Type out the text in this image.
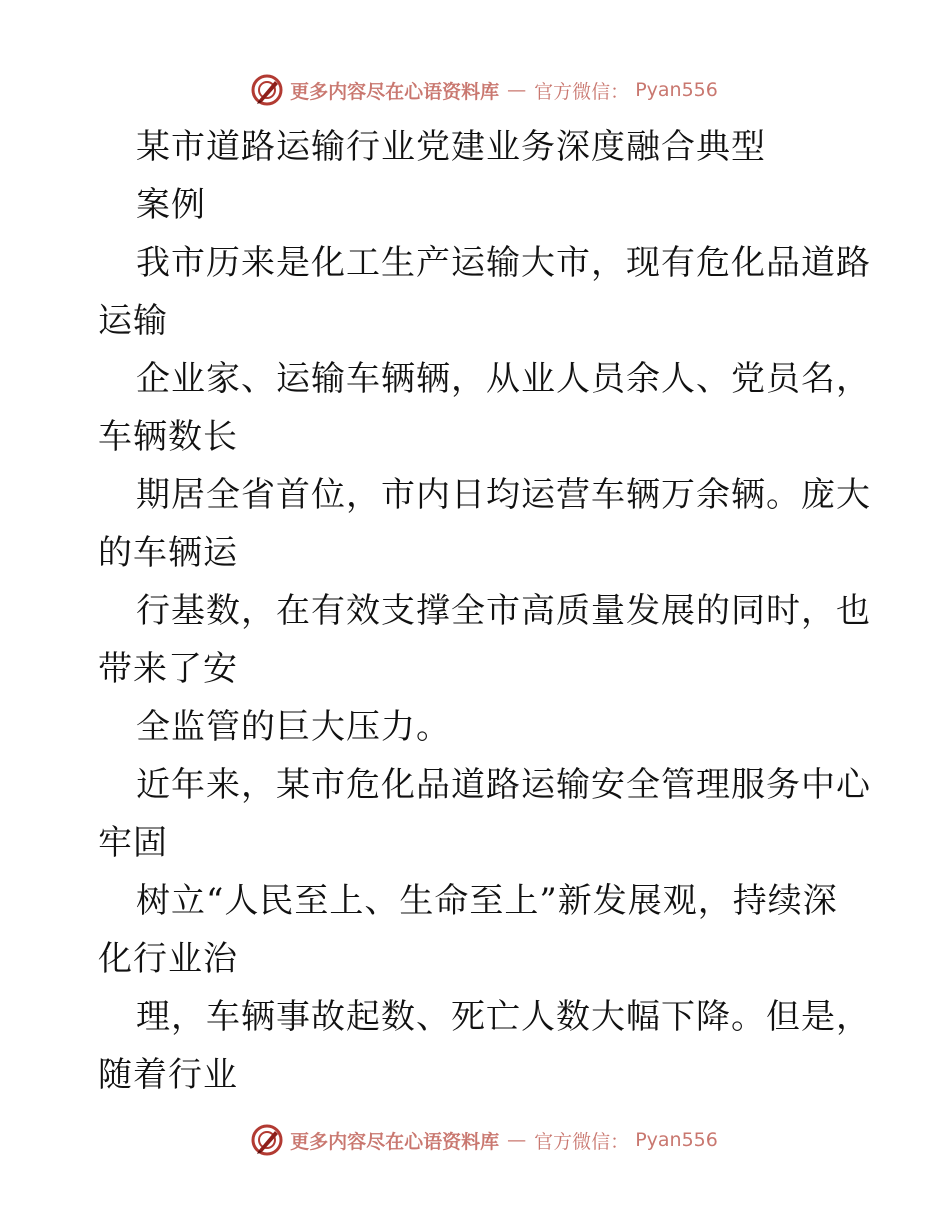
更多内容尽在心语资料库 — 官方微信： Pyan556
某市道路运输行业党建业务深度融合典型
案例
我市历来是化工生产运输大市，现有危化品道路
运输
企业家、运输车辆辆，从业人员余人、党员名，
车辆数长
期居全省首位，市内日均运营车辆万余辆。庞大
的车辆运
行基数，在有效支撑全市高质量发展的同时，也
带来了安
全监管的巨大压力。
近年来，某市危化品道路运输安全管理服务中心
牢固
树立“人民至上、生命至上”新发展观，持续深
化行业治
理，车辆事故起数、死亡人数大幅下降。但是，
随着行业
更多内容尽在心语资料库 — 官方微信： Pyan556
